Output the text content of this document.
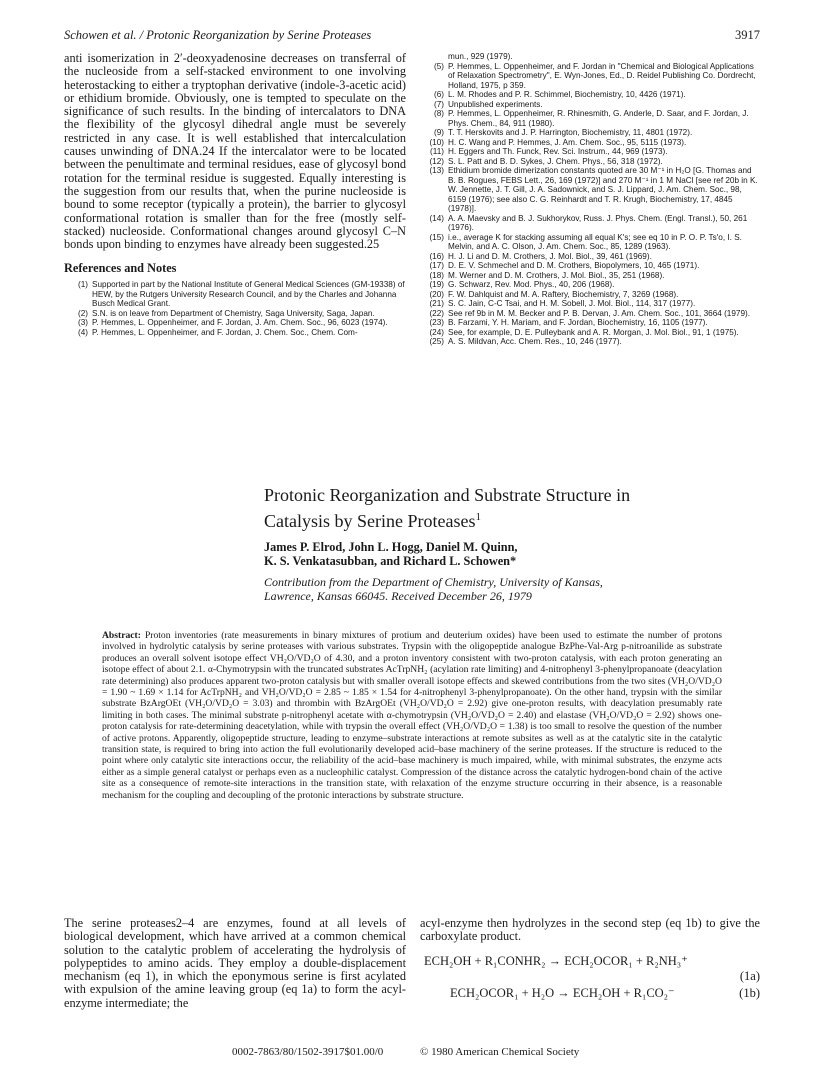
Schowen et al. / Protonic Reorganization by Serine Proteases	3917

anti isomerization in 2′-deoxyadenosine decreases on transferral of the nucleoside from a self-stacked environment to one involving heterostacking to either a tryptophan derivative (indole-3-acetic acid) or ethidium bromide. Obviously, one is tempted to speculate on the significance of such results. In the binding of intercalators to DNA the flexibility of the glycosyl dihedral angle must be severely restricted in any case. It is well established that intercalculation causes unwinding of DNA.24 If the intercalator were to be located between the penultimate and terminal residues, ease of glycosyl bond rotation for the terminal residue is suggested. Equally interesting is the suggestion from our results that, when the purine nucleoside is bound to some receptor (typically a protein), the barrier to glycosyl conformational rotation is smaller than for the free (mostly self-stacked) nucleoside. Conformational changes around glycosyl C–N bonds upon binding to enzymes have already been suggested.25

References and Notes
(1) Supported in part by the National Institute of General Medical Sciences (GM-19338) of HEW, by the Rutgers University Research Council, and by the Charles and Johanna Busch Medical Grant.
(2) S.N. is on leave from Department of Chemistry, Saga University, Saga, Japan.
(3) P. Hemmes, L. Oppenheimer, and F. Jordan, J. Am. Chem. Soc., 96, 6023 (1974).
(4) P. Hemmes, L. Oppenheimer, and F. Jordan, J. Chem. Soc., Chem. Com-
mun., 929 (1979).
(5) P. Hemmes, L. Oppenheimer, and F. Jordan in "Chemical and Biological Applications of Relaxation Spectrometry", E. Wyn-Jones, Ed., D. Reidel Publishing Co. Dordrecht, Holland, 1975, p 359.
(6) L. M. Rhodes and P. R. Schimmel, Biochemistry, 10, 4426 (1971).
(7) Unpublished experiments.
(8) P. Hemmes, L. Oppenheimer, R. Rhinesmith, G. Anderle, D. Saar, and F. Jordan, J. Phys. Chem., 84, 911 (1980).
(9) T. T. Herskovits and J. P. Harrington, Biochemistry, 11, 4801 (1972).
(10) H. C. Wang and P. Hemmes, J. Am. Chem. Soc., 95, 5115 (1973).
(11) H. Eggers and Th. Funck, Rev. Sci. Instrum., 44, 969 (1973).
(12) S. L. Patt and B. D. Sykes, J. Chem. Phys., 56, 318 (1972).
(13) Ethidium bromide dimerization constants quoted are 30 M⁻¹ in H₂O [G. Thomas and B. B. Rogues, FEBS Lett., 26, 169 (1972)] and 270 M⁻¹ in 1 M NaCl [see ref 20b in K. W. Jennette, J. T. Gill, J. A. Sadownick, and S. J. Lippard, J. Am. Chem. Soc., 98, 6159 (1976); see also C. G. Reinhardt and T. R. Krugh, Biochemistry, 17, 4845 (1978)].
(14) A. A. Maevsky and B. J. Sukhorykov, Russ. J. Phys. Chem. (Engl. Transl.), 50, 261 (1976).
(15) i.e., average K for stacking assuming all equal K's; see eq 10 in P. O. P. Ts'o, I. S. Melvin, and A. C. Olson, J. Am. Chem. Soc., 85, 1289 (1963).
(16) H. J. Li and D. M. Crothers, J. Mol. Biol., 39, 461 (1969).
(17) D. E. V. Schmechel and D. M. Crothers, Biopolymers, 10, 465 (1971).
(18) M. Werner and D. M. Crothers, J. Mol. Biol., 35, 251 (1968).
(19) G. Schwarz, Rev. Mod. Phys., 40, 206 (1968).
(20) F. W. Dahlquist and M. A. Raftery, Biochemistry, 7, 3269 (1968).
(21) S. C. Jain, C-C Tsai, and H. M. Sobell, J. Mol. Biol., 114, 317 (1977).
(22) See ref 9b in M. M. Becker and P. B. Dervan, J. Am. Chem. Soc., 101, 3664 (1979).
(23) B. Farzami, Y. H. Mariam, and F. Jordan, Biochemistry, 16, 1105 (1977).
(24) See, for example, D. E. Pulleybank and A. R. Morgan, J. Mol. Biol., 91, 1 (1975).
(25) A. S. Mildvan, Acc. Chem. Res., 10, 246 (1977).
Protonic Reorganization and Substrate Structure in
Catalysis by Serine Proteases$^1$
James P. Elrod, John L. Hogg, Daniel M. Quinn,
K. S. Venkatasubban, and Richard L. Schowen*
Contribution from the Department of Chemistry, University of Kansas,
Lawrence, Kansas 66045. Received December 26, 1979
Abstract: Proton inventories (rate measurements in binary mixtures of protium and deuterium oxides) have been used to estimate the number of protons involved in hydrolytic catalysis by serine proteases with various substrates. Trypsin with the oligopeptide analogue BzPhe-Val-Arg p-nitroanilide as substrate produces an overall solvent isotope effect VH₂O/VD₂O of 4.30, and a proton inventory consistent with two-proton catalysis, with each proton generating an isotope effect of about 2.1. α-Chymotrypsin with the truncated substrates AcTrpNH₂ (acylation rate limiting) and 4-nitrophenyl 3-phenylpropanoate (deacylation rate determining) also produces apparent two-proton catalysis but with smaller overall isotope effects and skewed contributions from the two sites (VH₂O/VD₂O = 1.90 ~ 1.69 × 1.14 for AcTrpNH₂ and VH₂O/VD₂O = 2.85 ~ 1.85 × 1.54 for 4-nitrophenyl 3-phenylpropanoate). On the other hand, trypsin with the similar substrate BzArgOEt (VH₂O/VD₂O = 3.03) and thrombin with BzArgOEt (VH₂O/VD₂O = 2.92) give one-proton results, with deacylation presumably rate limiting in both cases. The minimal substrate p-nitrophenyl acetate with α-chymotrypsin (VH₂O/VD₂O = 2.40) and elastase (VH₂O/VD₂O = 2.92) shows one-proton catalysis for rate-determining deacetylation, while with trypsin the overall effect (VH₂O/VD₂O = 1.38) is too small to resolve the question of the number of active protons. Apparently, oligopeptide structure, leading to enzyme–substrate interactions at remote subsites as well as at the catalytic site in the catalytic transition state, is required to bring into action the full evolutionarily developed acid–base machinery of the serine proteases. If the structure is reduced to the point where only catalytic site interactions occur, the reliability of the acid–base machinery is much impaired, while, with minimal substrates, the enzyme acts either as a simple general catalyst or perhaps even as a nucleophilic catalyst. Compression of the distance across the catalytic hydrogen-bond chain of the active site as a consequence of remote-site interactions in the transition state, with relaxation of the enzyme structure occurring in their absence, is a reasonable mechanism for the coupling and decoupling of the protonic interactions by substrate structure.

The serine proteases2–4 are enzymes, found at all levels of biological development, which have arrived at a common chemical solution to the catalytic problem of accelerating the hydrolysis of polypeptides to amino acids. They employ a double-displacement mechanism (eq 1), in which the eponymous serine is first acylated with expulsion of the amine leaving group (eq 1a) to form the acyl-enzyme intermediate; the

acyl-enzyme then hydrolyzes in the second step (eq 1b) to give the carboxylate product.

ECH₂OH + R₁CONHR₂ → ECH₂OCOR₁ + R₂NH₃⁺
(1a)
ECH₂OCOR₁ + H₂O → ECH₂OH + R₁CO₂⁻	(1b)
0002-7863/80/1502-3917$01.00/0	© 1980 American Chemical Society
